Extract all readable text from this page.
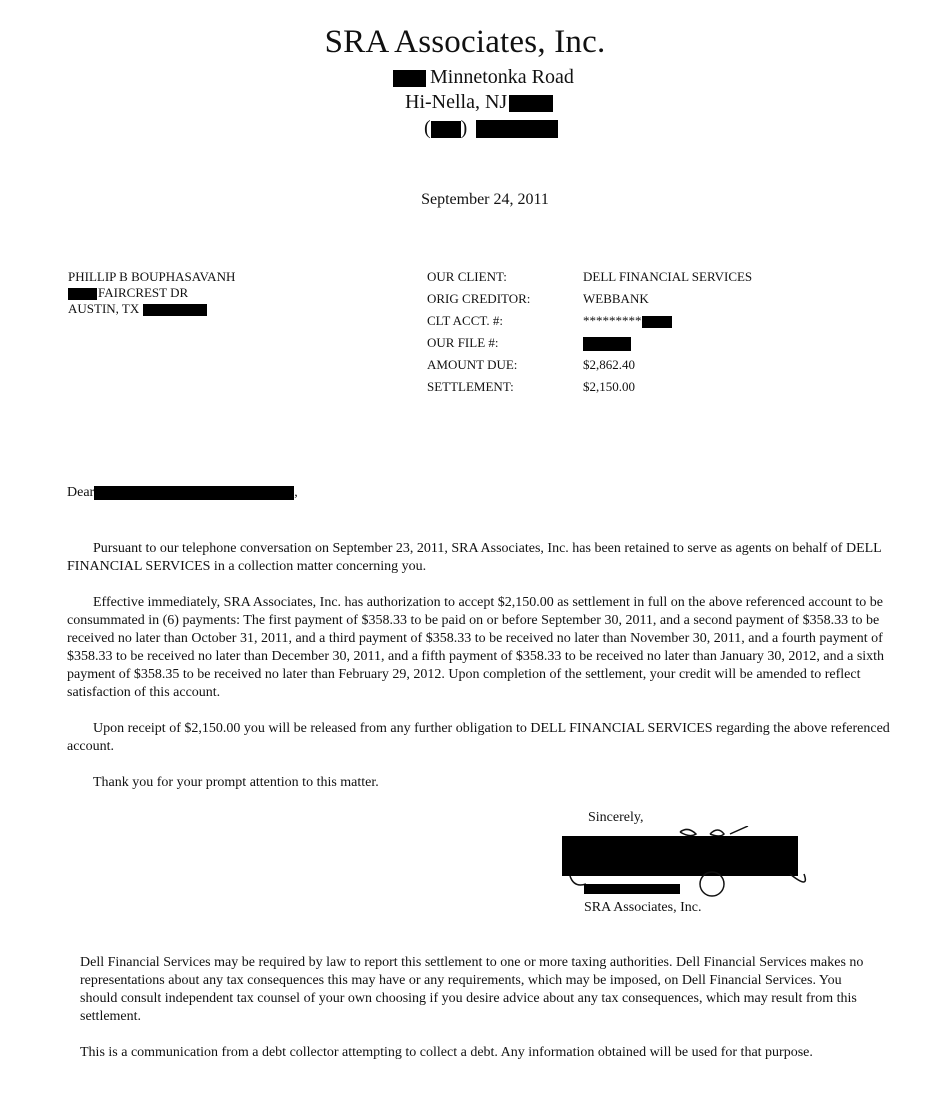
SRA Associates, Inc.
Minnetonka Road
Hi-Nella, NJ
( )
September 24, 2011
PHILLIP B BOUPHASAVANH
FAIRCREST DR
AUSTIN, TX
OUR CLIENT:
ORIG CREDITOR:
CLT ACCT. #:
OUR FILE #:
AMOUNT DUE:
SETTLEMENT:
DELL FINANCIAL SERVICES
WEBBANK
*********
$2,862.40
$2,150.00
Dear	,

Pursuant to our telephone conversation on September 23, 2011, SRA Associates, Inc. has been retained to serve as agents on behalf of DELL FINANCIAL SERVICES in a collection matter concerning you.

Effective immediately, SRA Associates, Inc. has authorization to accept $2,150.00 as settlement in full on the above referenced account to be consummated in (6) payments: The first payment of $358.33 to be paid on or before September 30, 2011, and a second payment of $358.33 to be received no later than October 31, 2011, and a third payment of $358.33 to be received no later than November 30, 2011, and a fourth payment of $358.33 to be received no later than December 30, 2011, and a fifth payment of $358.33 to be received no later than January 30, 2012, and a sixth payment of $358.35 to be received no later than February 29, 2012. Upon completion of the settlement, your credit will be amended to reflect satisfaction of this account.

Upon receipt of $2,150.00 you will be released from any further obligation to DELL FINANCIAL SERVICES regarding the above referenced account.

Thank you for your prompt attention to this matter.

Sincerely,
SRA Associates, Inc.
Dell Financial Services may be required by law to report this settlement to one or more taxing authorities. Dell Financial Services makes no representations about any tax consequences this may have or any requirements, which may be imposed, on Dell Financial Services. You should consult independent tax counsel of your own choosing if you desire advice about any tax consequences, which may result from this settlement.
This is a communication from a debt collector attempting to collect a debt. Any information obtained will be used for that purpose.
